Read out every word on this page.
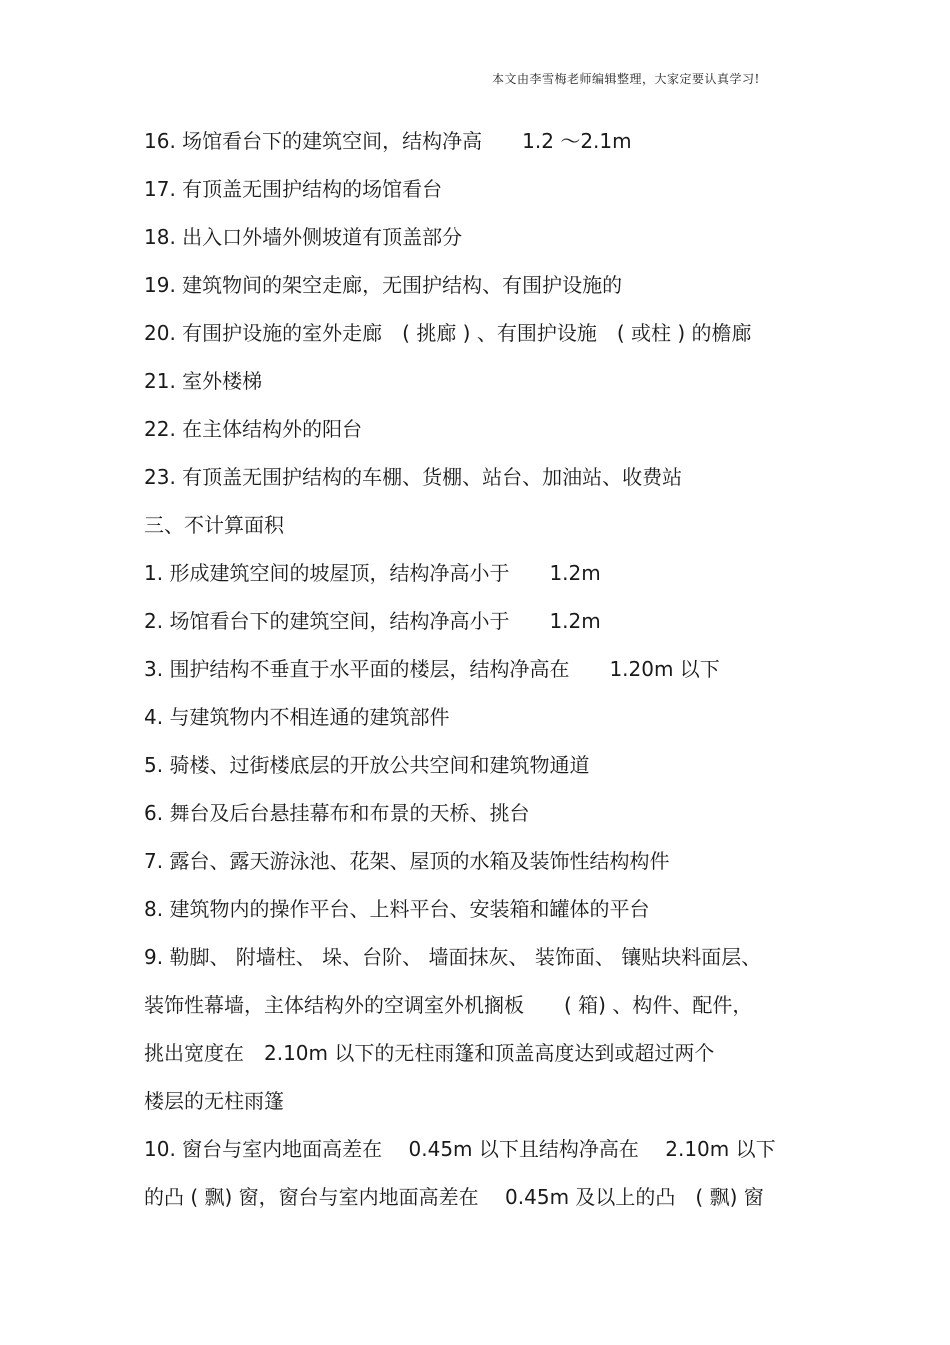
本文由李雪梅老师编辑整理，大家定要认真学习!
16. 场馆看台下的建筑空间，结构净高　　1.2 ～2.1m
17. 有顶盖无围护结构的场馆看台
18. 出入口外墙外侧坡道有顶盖部分
19. 建筑物间的架空走廊，无围护结构、有围护设施的
20. 有围护设施的室外走廊　( 挑廊 ) 、有围护设施　( 或柱 ) 的檐廊
21. 室外楼梯
22. 在主体结构外的阳台
23. 有顶盖无围护结构的车棚、货棚、站台、加油站、收费站
三、不计算面积
1. 形成建筑空间的坡屋顶，结构净高小于　　1.2m
2. 场馆看台下的建筑空间，结构净高小于　　1.2m
3. 围护结构不垂直于水平面的楼层，结构净高在　　1.20m 以下
4. 与建筑物内不相连通的建筑部件
5. 骑楼、过街楼底层的开放公共空间和建筑物通道
6. 舞台及后台悬挂幕布和布景的天桥、挑台
7. 露台、露天游泳池、花架、屋顶的水箱及装饰性结构构件
8. 建筑物内的操作平台、上料平台、安装箱和罐体的平台
9. 勒脚、 附墙柱、 垛、台阶、 墙面抹灰、 装饰面、 镶贴块料面层、
装饰性幕墙，主体结构外的空调室外机搁板　　( 箱) 、构件、配件，
挑出宽度在　2.10m 以下的无柱雨篷和顶盖高度达到或超过两个
楼层的无柱雨篷
10. 窗台与室内地面高差在　 0.45m 以下且结构净高在　 2.10m 以下
的凸 ( 飘) 窗，窗台与室内地面高差在　 0.45m 及以上的凸　( 飘) 窗
